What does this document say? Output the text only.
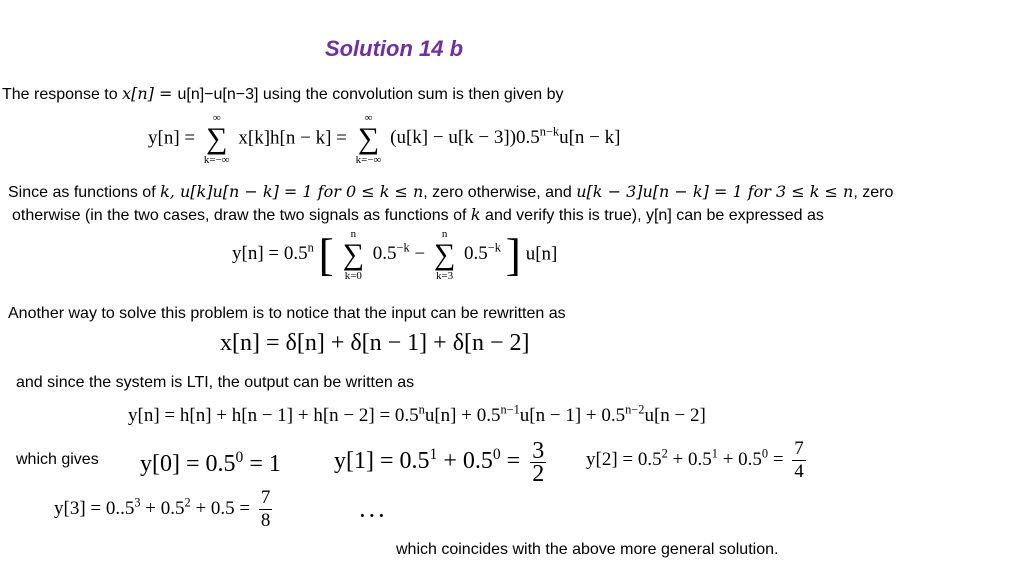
Solution 14 b
The response to x[n] = u[n]−u[n−3] using the convolution sum is then given by
y[n] =
∞
∑
k=−∞
x[k]h[n − k] =
∞
∑
k=−∞
$(u[k] - u[k - 3])0.5^{n-k}u[n - k]$
Since as functions of k, u[k]u[n − k] = 1 for 0 ≤ k ≤ n, zero otherwise, and u[k − 3]u[n − k] = 1 for 3 ≤ k ≤ n, zero
otherwise (in the two cases, draw the two signals as functions of k and verify this is true), y[n] can be expressed as
$y[n] = 0.5^n$ [ n
∑
k=0
$0.5^{-k}$ −
n
∑
k=3
$0.5^{-k}$ ] u[n]
Another way to solve this problem is to notice that the input can be rewritten as
x[n] = δ[n] + δ[n − 1] + δ[n − 2]
and since the system is LTI, the output can be written as
$y[n] = h[n] + h[n - 1] + h[n - 2] = 0.5^nu[n] + 0.5^{n-1}u[n - 1] + 0.5^{n-2}u[n - 2]$
which gives $y[0] = 0.5^0 = 1$ $y[1] = 0.5^1 + 0.5^0 = \frac{3}{2} y[2] = 0.5^2 + 0.5^1 + 0.5^0 = \frac{7}{4}$
$y[3] = 0..5^3 + 0.5^2 + 0.5 = \frac{7}{8}$	. . .
which coincides with the above more general solution.
